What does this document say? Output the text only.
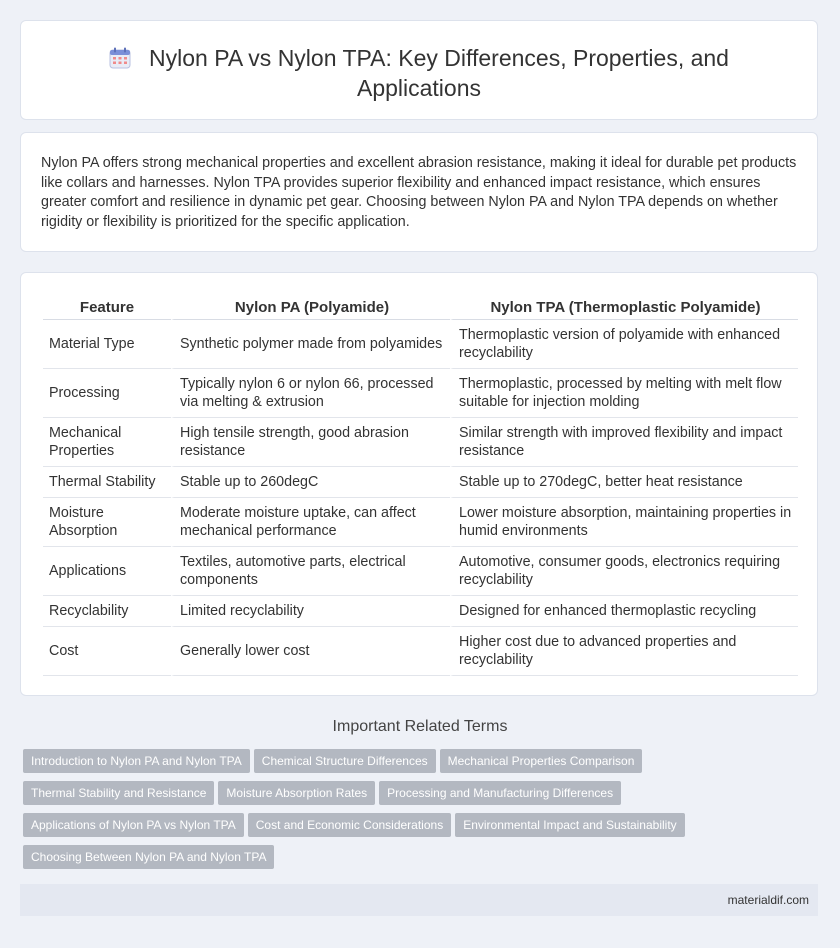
Nylon PA vs Nylon TPA: Key Differences, Properties, and
Applications

Nylon PA offers strong mechanical properties and excellent abrasion resistance, making it ideal for durable pet products like collars and harnesses. Nylon TPA provides superior flexibility and enhanced impact resistance, which ensures greater comfort and resilience in dynamic pet gear. Choosing between Nylon PA and Nylon TPA depends on whether rigidity or flexibility is prioritized for the specific application.

Feature	Nylon PA (Polyamide)	Nylon TPA (Thermoplastic Polyamide)
Material Type	Synthetic polymer made from polyamides	Thermoplastic version of polyamide with enhanced recyclability
Processing	Typically nylon 6 or nylon 66, processed via melting & extrusion	Thermoplastic, processed by melting with melt flow suitable for injection molding
Mechanical Properties	High tensile strength, good abrasion resistance	Similar strength with improved flexibility and impact resistance
Thermal Stability	Stable up to 260degC	Stable up to 270degC, better heat resistance
Moisture Absorption	Moderate moisture uptake, can affect mechanical performance	Lower moisture absorption, maintaining properties in humid environments
Applications	Textiles, automotive parts, electrical components	Automotive, consumer goods, electronics requiring recyclability
Recyclability	Limited recyclability	Designed for enhanced thermoplastic recycling
Cost	Generally lower cost	Higher cost due to advanced properties and recyclability
Important Related Terms
Introduction to Nylon PA and Nylon TPA Chemical Structure Differences Mechanical Properties Comparison
Thermal Stability and Resistance Moisture Absorption Rates Processing and Manufacturing Differences
Applications of Nylon PA vs Nylon TPA Cost and Economic Considerations Environmental Impact and Sustainability
Choosing Between Nylon PA and Nylon TPA
materialdif.com
